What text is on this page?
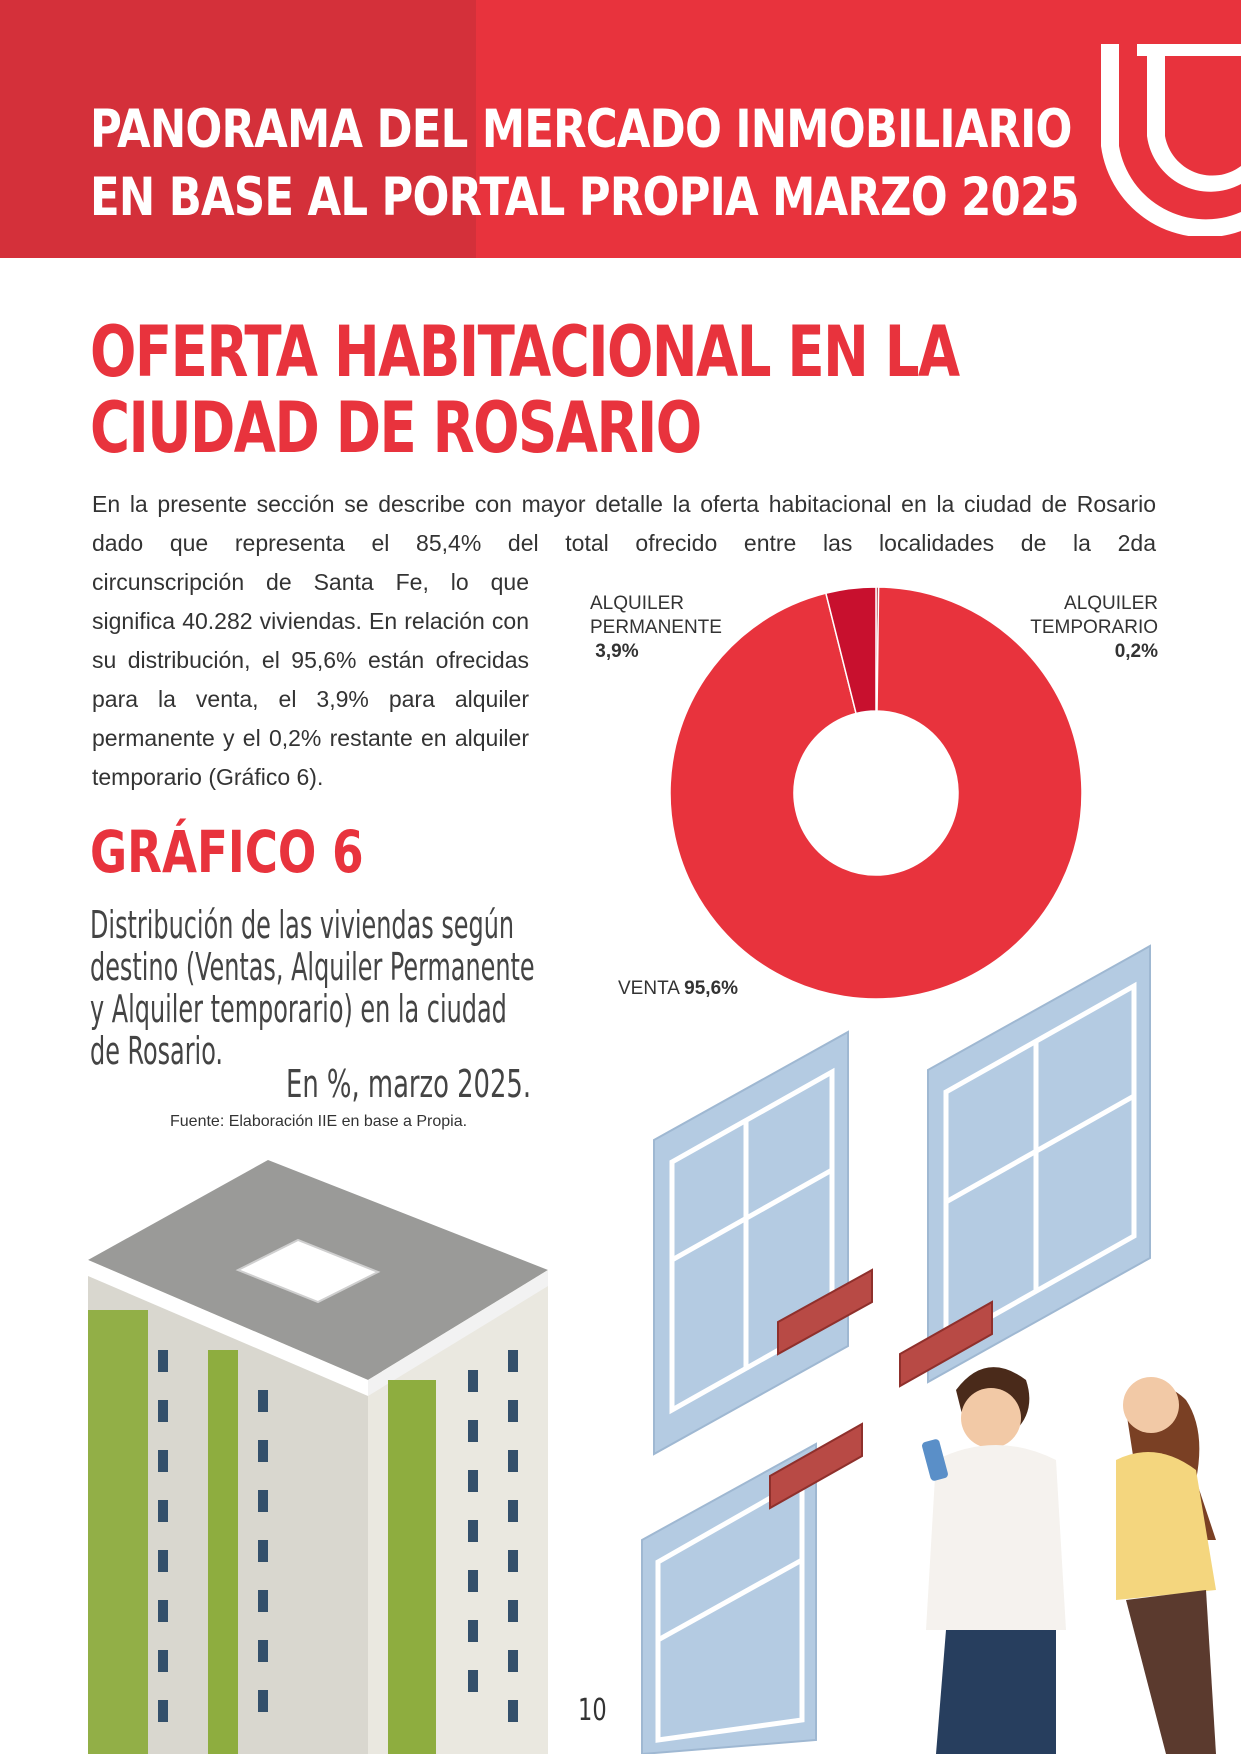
PANORAMA DEL MERCADO INMOBILIARIO
EN BASE AL PORTAL PROPIA MARZO 2025
OFERTA HABITACIONAL EN LA
CIUDAD DE ROSARIO

En la presente sección se describe con mayor detalle la oferta habitacional en la ciudad de Rosario dado que representa el 85,4% del total ofrecido entre las localidades de la 2da

circunscripción de Santa Fe, lo que significa 40.282 viviendas. En relación con su distribución, el 95,6% están ofrecidas para la venta, el 3,9% para alquiler permanente y el 0,2% restante en alquiler temporario (Gráfico 6).

GRÁFICO 6
Distribución de las viviendas según
destino (Ventas, Alquiler Permanente
y Alquiler temporario) en la ciudad
de Rosario.
En %, marzo 2025.
Fuente: Elaboración IIE en base a Propia.
ALQUILER
PERMANENTE
3,9%
ALQUILER
TEMPORARIO
0,2%
VENTA 95,6%
10
